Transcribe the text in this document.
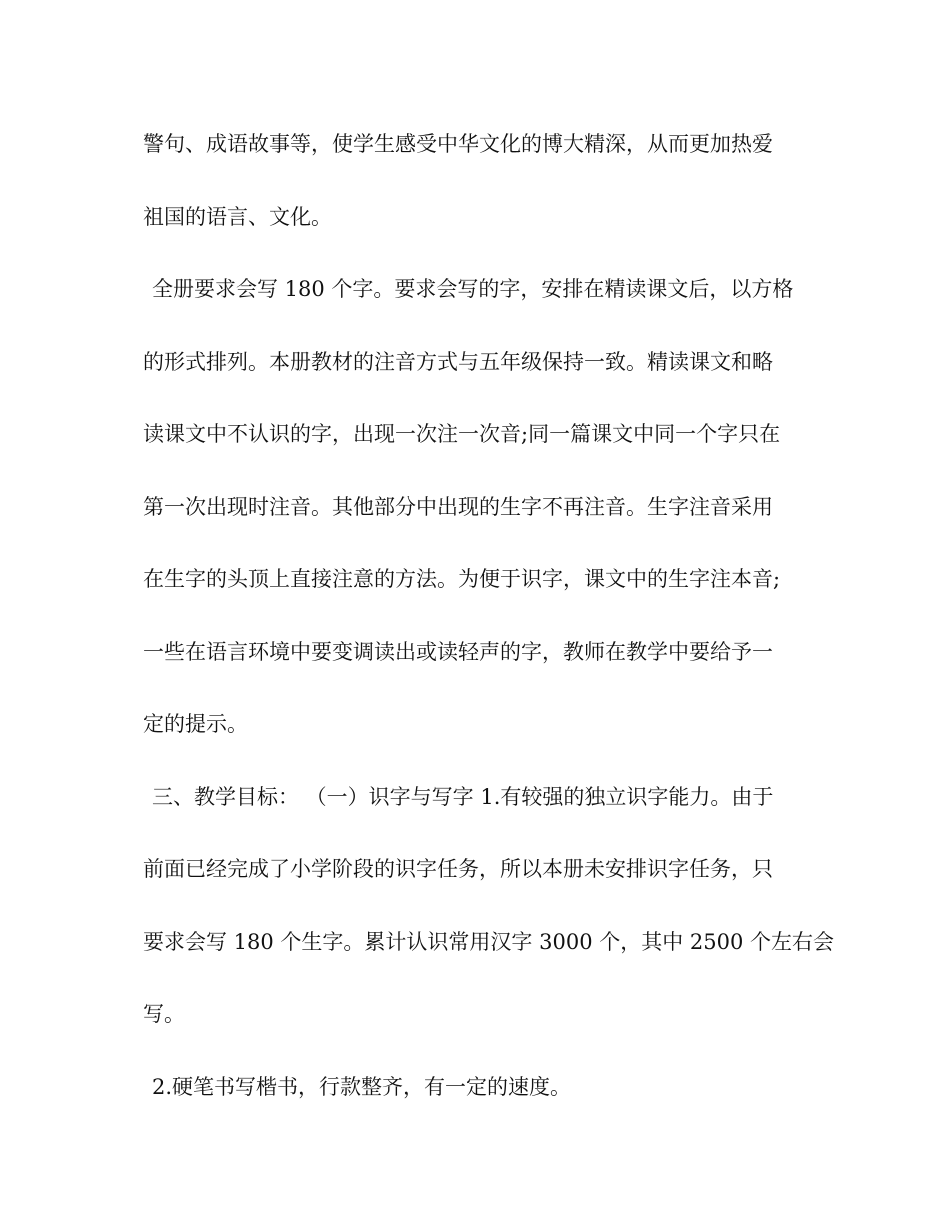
警句、成语故事等，使学生感受中华文化的博大精深，从而更加热爱
祖国的语言、文化。
全册要求会写 180 个字。要求会写的字，安排在精读课文后，以方格
的形式排列。本册教材的注音方式与五年级保持一致。精读课文和略
读课文中不认识的字，出现一次注一次音;同一篇课文中同一个字只在
第一次出现时注音。其他部分中出现的生字不再注音。生字注音采用
在生字的头顶上直接注意的方法。为便于识字，课文中的生字注本音;
一些在语言环境中要变调读出或读轻声的字，教师在教学中要给予一
定的提示。
三、教学目标： （一）识字与写字 1.有较强的独立识字能力。由于
前面已经完成了小学阶段的识字任务，所以本册未安排识字任务，只
要求会写 180 个生字。累计认识常用汉字 3000 个，其中 2500 个左右会
写。
2.硬笔书写楷书，行款整齐，有一定的速度。
